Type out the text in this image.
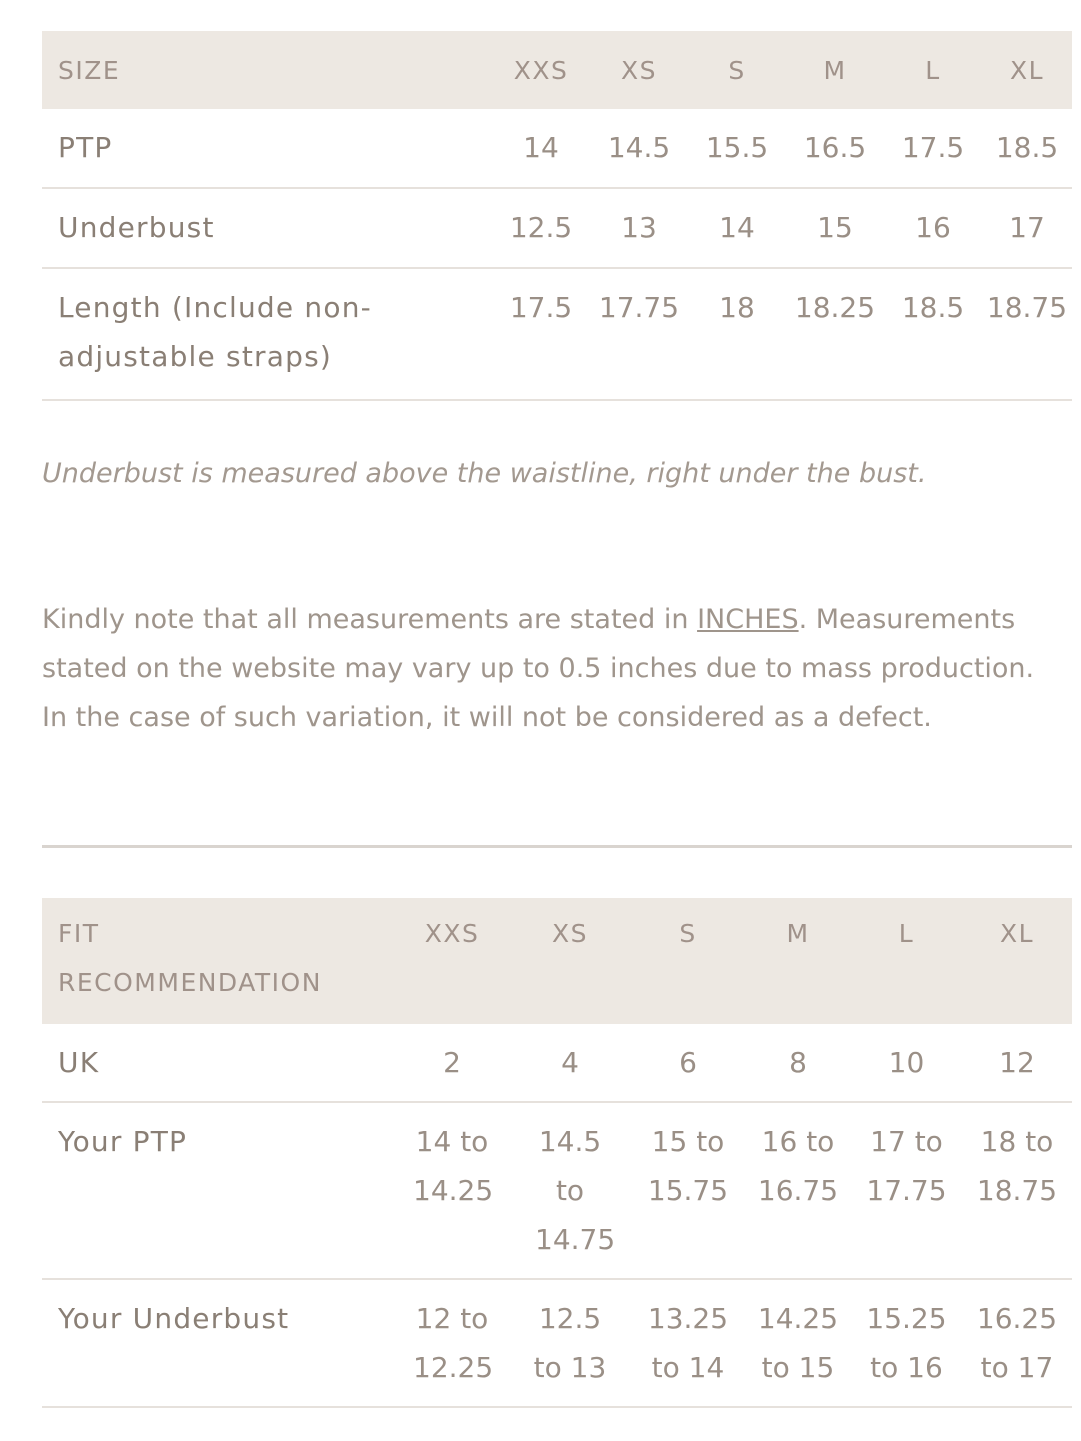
SIZE	XXS	XS	S	M	L	XL
PTP	14	14.5	15.5	16.5	17.5	18.5
Underbust	12.5	13	14	15	16	17
Length (Include non-adjustable straps)	17.5	17.75	18	18.25	18.5	18.75

Underbust is measured above the waistline, right under the bust.

Kindly note that all measurements are stated in INCHES. Measurements stated on the website may vary up to 0.5 inches due to mass production. In the case of such variation, it will not be considered as a defect.

FIT RECOMMENDATION	XXS	XS	S	M	L	XL
UK	2	4	6	8	10	12
Your PTP	14 to 14.25	14.5 to 14.75	15 to 15.75	16 to 16.75	17 to 17.75	18 to 18.75
Your Underbust	12 to 12.25	12.5 to 13	13.25 to 14	14.25 to 15	15.25 to 16	16.25 to 17
